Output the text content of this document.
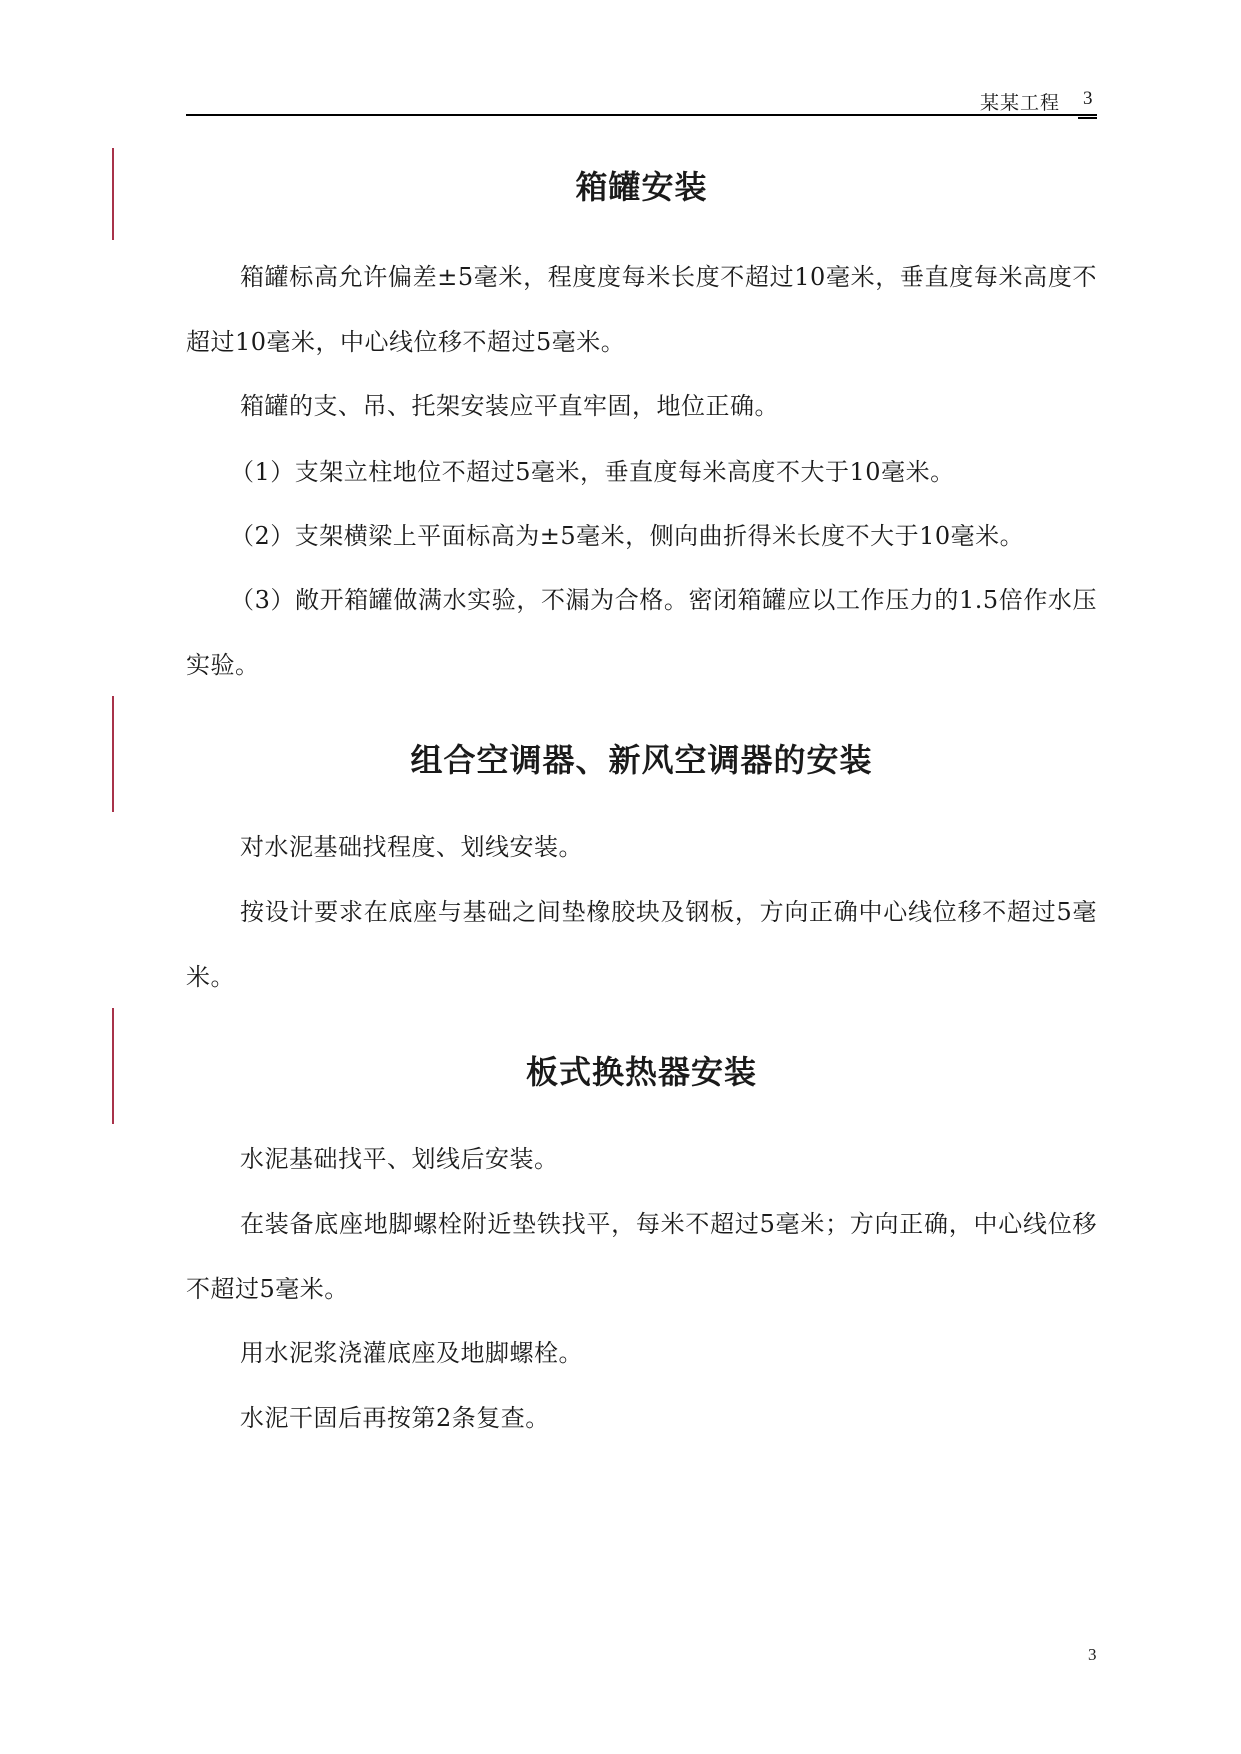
某某工程 3
箱罐安装
箱罐标高允许偏差±5毫米，程度度每米长度不超过10毫米，垂直度每米高度不超过10毫米，中心线位移不超过5毫米。
箱罐的支、吊、托架安装应平直牢固，地位正确。
（1）支架立柱地位不超过5毫米，垂直度每米高度不大于10毫米。
（2）支架横梁上平面标高为±5毫米，侧向曲折得米长度不大于10毫米。
（3）敞开箱罐做满水实验，不漏为合格。密闭箱罐应以工作压力的1.5倍作水压实验。
组合空调器、新风空调器的安装
对水泥基础找程度、划线安装。
按设计要求在底座与基础之间垫橡胶块及钢板，方向正确中心线位移不超过5毫米。
板式换热器安装
水泥基础找平、划线后安装。
在装备底座地脚螺栓附近垫铁找平，每米不超过5毫米；方向正确，中心线位移不超过5毫米。
用水泥浆浇灌底座及地脚螺栓。
水泥干固后再按第2条复查。
3
